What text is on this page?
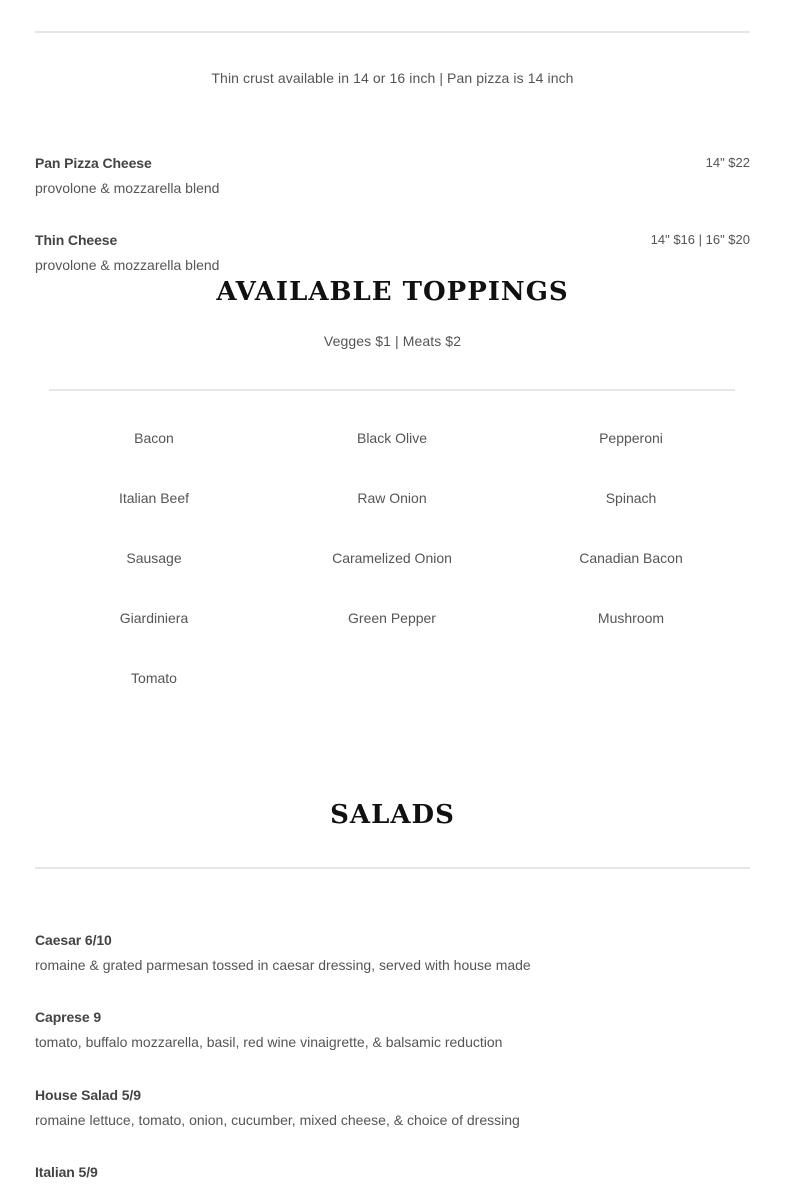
Thin crust available in 14 or 16 inch | Pan pizza is 14 inch
Pan Pizza Cheese	14" $22
provolone & mozzarella blend
Thin Cheese	14" $16 | 16" $20
provolone & mozzarella blend
AVAILABLE TOPPINGS
Vegges $1 | Meats $2
Bacon	Black Olive	Pepperoni
Italian Beef	Raw Onion	Spinach
Sausage	Caramelized Onion	Canadian Bacon
Giardiniera	Green Pepper	Mushroom
Tomato
SALADS
Caesar 6/10
romaine & grated parmesan tossed in caesar dressing, served with house made
Caprese 9
tomato, buffalo mozzarella, basil, red wine vinaigrette, & balsamic reduction
House Salad 5/9
romaine lettuce, tomato, onion, cucumber, mixed cheese, & choice of dressing
Italian 5/9
